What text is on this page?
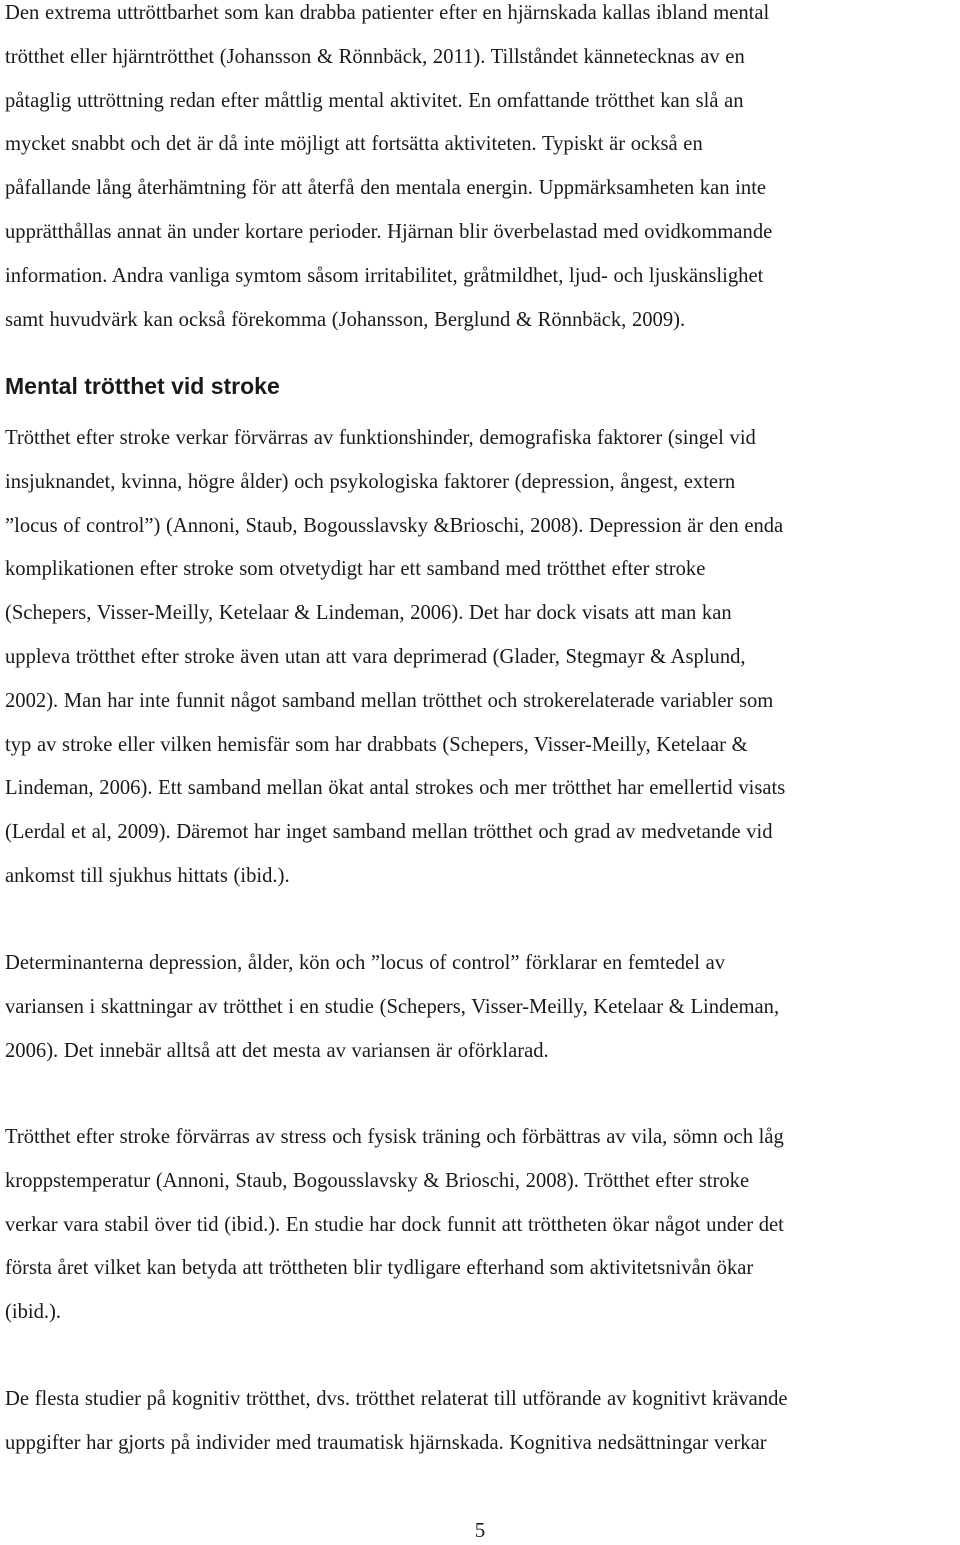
Den extrema uttröttbarhet som kan drabba patienter efter en hjärnskada kallas ibland mental
trötthet eller hjärntrötthet (Johansson & Rönnbäck, 2011). Tillståndet kännetecknas av en
påtaglig uttröttning redan efter måttlig mental aktivitet. En omfattande trötthet kan slå an
mycket snabbt och det är då inte möjligt att fortsätta aktiviteten. Typiskt är också en
påfallande lång återhämtning för att återfå den mentala energin. Uppmärksamheten kan inte
upprätthållas annat än under kortare perioder. Hjärnan blir överbelastad med ovidkommande
information. Andra vanliga symtom såsom irritabilitet, gråtmildhet, ljud- och ljuskänslighet
samt huvudvärk kan också förekomma (Johansson, Berglund & Rönnbäck, 2009).

Mental trötthet vid stroke

Trötthet efter stroke verkar förvärras av funktionshinder, demografiska faktorer (singel vid
insjuknandet, kvinna, högre ålder) och psykologiska faktorer (depression, ångest, extern
”locus of control”) (Annoni, Staub, Bogousslavsky &Brioschi, 2008). Depression är den enda
komplikationen efter stroke som otvetydigt har ett samband med trötthet efter stroke
(Schepers, Visser-Meilly, Ketelaar & Lindeman, 2006). Det har dock visats att man kan
uppleva trötthet efter stroke även utan att vara deprimerad (Glader, Stegmayr & Asplund,
2002). Man har inte funnit något samband mellan trötthet och strokerelaterade variabler som
typ av stroke eller vilken hemisfär som har drabbats (Schepers, Visser-Meilly, Ketelaar &
Lindeman, 2006). Ett samband mellan ökat antal strokes och mer trötthet har emellertid visats
(Lerdal et al, 2009). Däremot har inget samband mellan trötthet och grad av medvetande vid
ankomst till sjukhus hittats (ibid.).

Determinanterna depression, ålder, kön och ”locus of control” förklarar en femtedel av
variansen i skattningar av trötthet i en studie (Schepers, Visser-Meilly, Ketelaar & Lindeman,
2006). Det innebär alltså att det mesta av variansen är oförklarad.

Trötthet efter stroke förvärras av stress och fysisk träning och förbättras av vila, sömn och låg
kroppstemperatur (Annoni, Staub, Bogousslavsky & Brioschi, 2008). Trötthet efter stroke
verkar vara stabil över tid (ibid.). En studie har dock funnit att tröttheten ökar något under det
första året vilket kan betyda att tröttheten blir tydligare efterhand som aktivitetsnivån ökar
(ibid.).

De flesta studier på kognitiv trötthet, dvs. trötthet relaterat till utförande av kognitivt krävande
uppgifter har gjorts på individer med traumatisk hjärnskada. Kognitiva nedsättningar verkar

5
